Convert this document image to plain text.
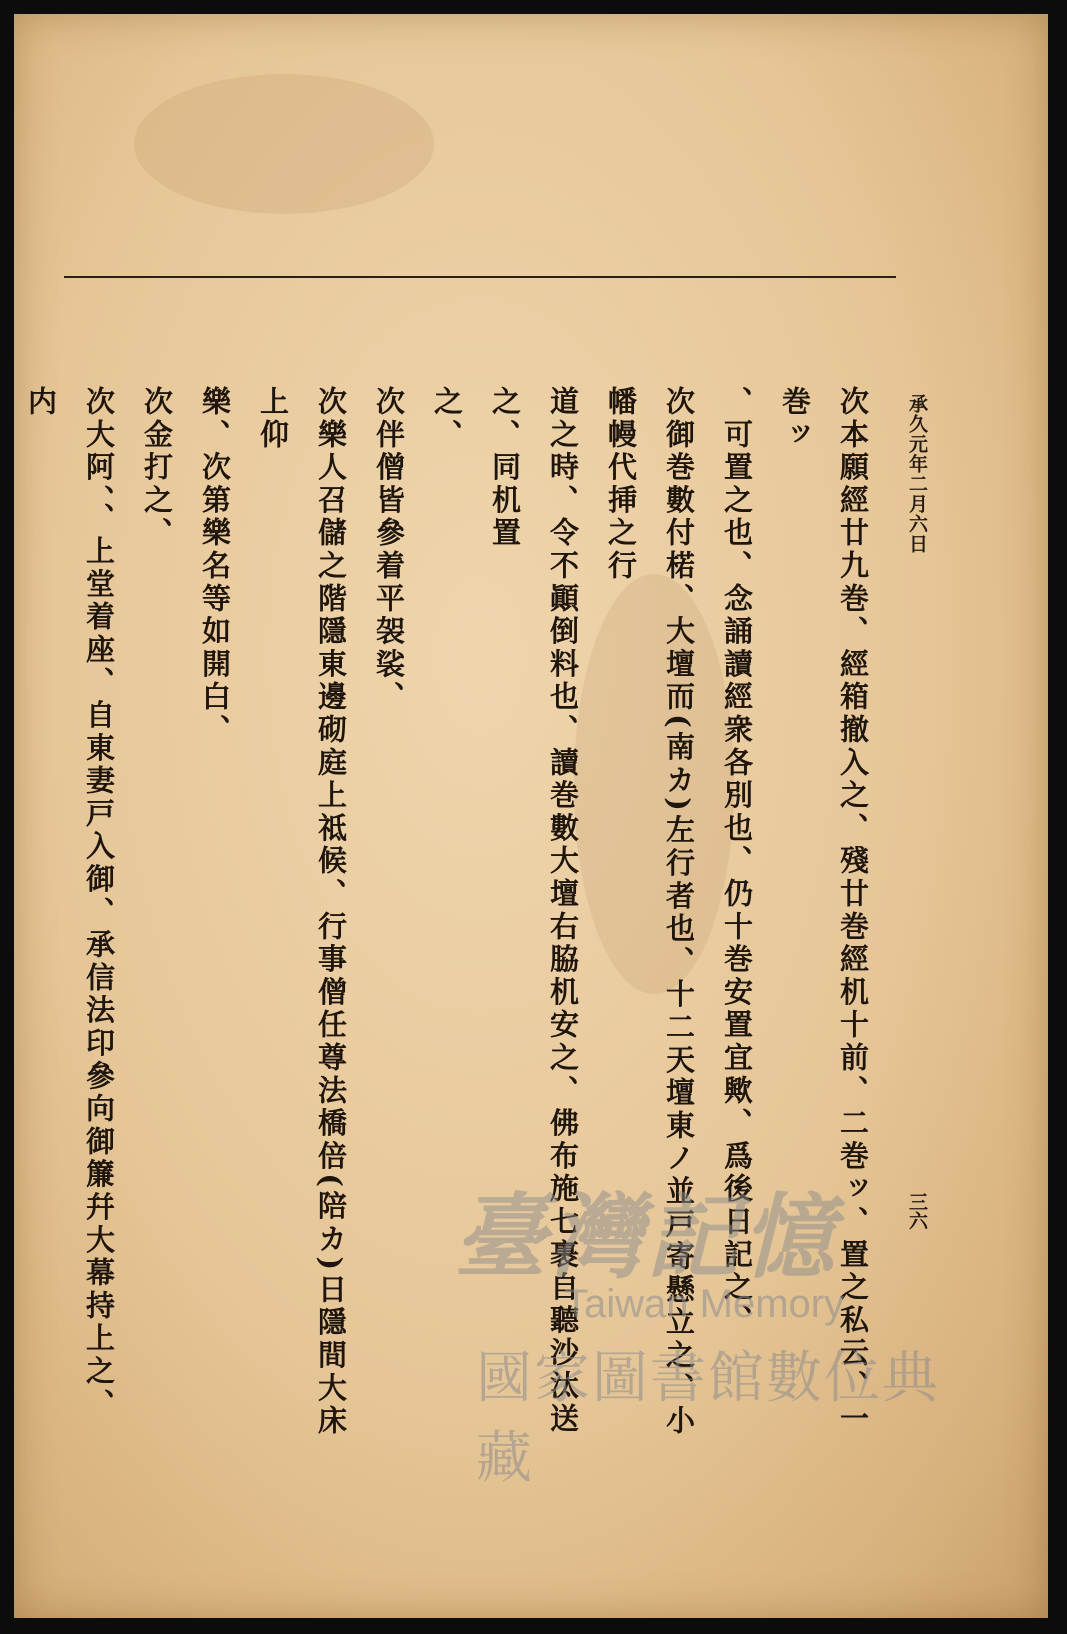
承久元年二月六日
三六

次本願經廿九巻、經箱撤入之、殘廿巻經机十前、二巻ッ、置之私云、一巻ッ

、可置之也、念誦讀經衆各別也、仍十巻安置宜歟、爲後日記之、

次御巻數付楉、大壇而(南カ)左行者也、十二天壇東ノ並戸寄懸立之、小幡幔代挿之行

道之時、令不顚倒料也、讀巻數大壇右脇机安之、佛布施七裹自聽沙汰送之、同机置

之、

次伴僧皆參着平袈裟、

次樂人召儲之階隱東邊砌庭上祗候、行事僧任尊法橋倍(陪カ)日隱間大床上仰

樂、次第樂名等如開白、

次金打之、

次大阿、、上堂着座、自東妻戸入御、承信法印參向御簾幷大幕持上之、内

臺灣記憶
Taiwan Memory
國家圖書館數位典藏
